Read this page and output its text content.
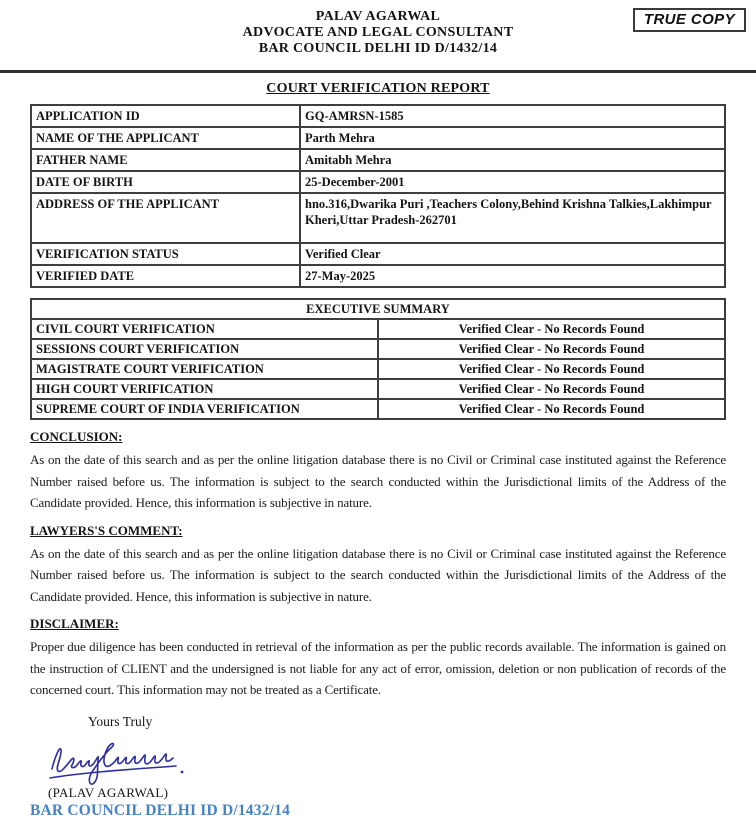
TRUE COPY
PALAV AGARWAL
ADVOCATE AND LEGAL CONSULTANT
BAR COUNCIL DELHI ID D/1432/14
COURT VERIFICATION REPORT
APPLICATION ID	GQ-AMRSN-1585
NAME OF THE APPLICANT	Parth Mehra
FATHER NAME	Amitabh Mehra
DATE OF BIRTH	25-December-2001
ADDRESS OF THE APPLICANT	hno.316,Dwarika Puri ,Teachers Colony,Behind Krishna Talkies,Lakhimpur Kheri,Uttar Pradesh-262701
VERIFICATION STATUS	Verified Clear
VERIFIED DATE	27-May-2025
EXECUTIVE SUMMARY	
CIVIL COURT VERIFICATION	Verified Clear - No Records Found
SESSIONS COURT VERIFICATION	Verified Clear - No Records Found
MAGISTRATE COURT VERIFICATION	Verified Clear - No Records Found
HIGH COURT VERIFICATION	Verified Clear - No Records Found
SUPREME COURT OF INDIA VERIFICATION	Verified Clear - No Records Found
CONCLUSION:

As on the date of this search and as per the online litigation database there is no Civil or Criminal case instituted against the Reference Number raised before us. The information is subject to the search conducted within the Jurisdictional limits of the Address of the Candidate provided. Hence, this information is subjective in nature.

LAWYERS'S COMMENT:

As on the date of this search and as per the online litigation database there is no Civil or Criminal case instituted against the Reference Number raised before us. The information is subject to the search conducted within the Jurisdictional limits of the Address of the Candidate provided. Hence, this information is subjective in nature.

DISCLAIMER:

Proper due diligence has been conducted in retrieval of the information as per the public records available. The information is gained on the instruction of CLIENT and the undersigned is not liable for any act of error, omission, deletion or non publication of records of the concerned court. This information may not be treated as a Certificate.

Yours Truly
(PALAV AGARWAL)
BAR COUNCIL DELHI ID D/1432/14
